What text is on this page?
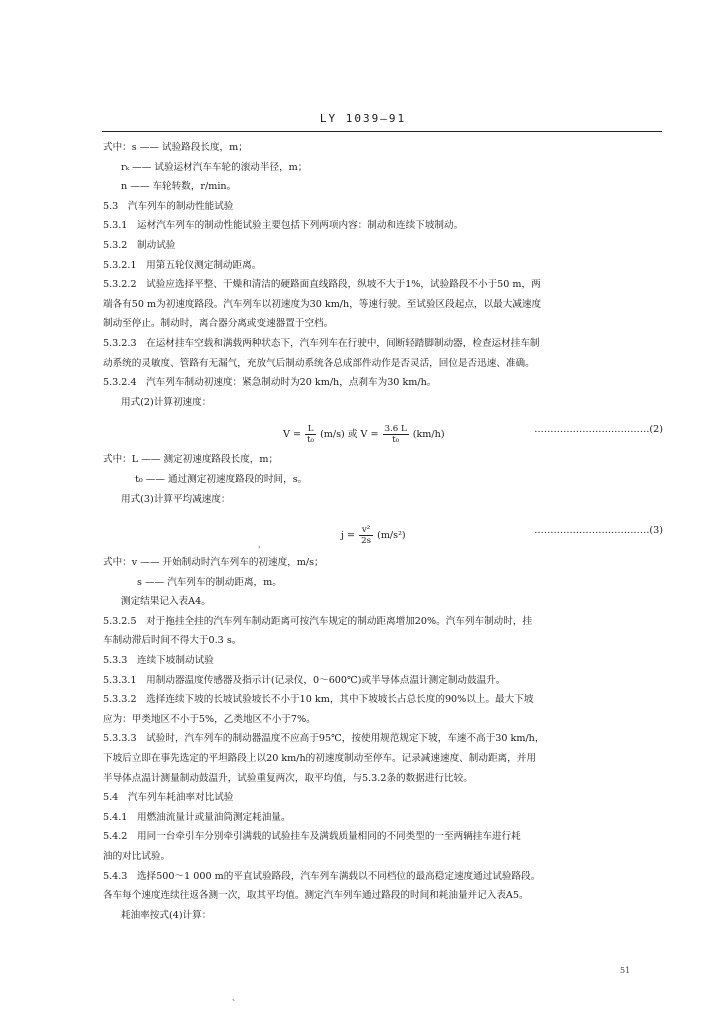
LY 1039—91
式中：s —— 试验路段长度，m；
rₖ —— 试验运材汽车车轮的滚动半径，m；
n —— 车轮转数，r/min。
5.3　汽车列车的制动性能试验
5.3.1　运材汽车列车的制动性能试验主要包括下列两项内容：制动和连续下坡制动。
5.3.2　制动试验
5.3.2.1　用第五轮仪测定制动距离。
5.3.2.2　试验应选择平整、干燥和清洁的硬路面直线路段，纵坡不大于1%，试验路段不小于50 m，两
端各有50 m为初速度路段。汽车列车以初速度为30 km/h，等速行驶。至试验区段起点，以最大减速度
制动至停止。制动时，离合器分离或变速器置于空档。
5.3.2.3　在运材挂车空载和满载两种状态下，汽车列车在行驶中，间断轻踏脚制动器，检查运材挂车制
动系统的灵敏度、管路有无漏气，充放气后制动系统各总成部件动作是否灵活，回位是否迅速、准确。
5.3.2.4　汽车列车制动初速度：紧急制动时为20 km/h，点刹车为30 km/h。
用式(2)计算初速度：
$V = \frac{L}{\text{t₀}} (m/s)$ 或 $V = \frac{3.6 L}{\text{t₀}} (km/h)$	………………………………(2)
式中：L —— 测定初速度路段长度，m；
t₀ —— 通过测定初速度路段的时间，s。
用式(3)计算平均减速度：
$j = \frac{\text{v²}}{2s} (m/s^2)$	………………………………(3)
式中：v —— 开始制动时汽车列车的初速度，m/s；
s —— 汽车列车的制动距离，m。
测定结果记入表A4。
5.3.2.5　对于拖挂全挂的汽车列车制动距离可按汽车规定的制动距离增加20%。汽车列车制动时，挂
车制动滞后时间不得大于0.3 s。
5.3.3　连续下坡制动试验
5.3.3.1　用制动器温度传感器及指示计(记录仪，0～600℃)或半导体点温计测定制动鼓温升。
5.3.3.2　选择连续下坡的长坡试验坡长不小于10 km，其中下坡坡长占总长度的90%以上。最大下坡
应为：甲类地区不小于5%，乙类地区不小于7%。
5.3.3.3　试验时，汽车列车的制动器温度不应高于95℃，按使用规范规定下坡，车速不高于30 km/h，
下坡后立即在事先选定的平坦路段上以20 km/h的初速度制动至停车。记录减速速度、制动距离，并用
半导体点温计测量制动鼓温升，试验重复两次，取平均值，与5.3.2条的数据进行比较。
5.4　汽车列车耗油率对比试验
5.4.1　用燃油流量计或量油筒测定耗油量。
5.4.2　用同一台牵引车分别牵引满载的试验挂车及满载质量相同的不同类型的一至两辆挂车进行耗
油的对比试验。
5.4.3　选择500～1 000 m的平直试验路段，汽车列车满载以不同档位的最高稳定速度通过试验路段。
各车每个速度连续往返各测一次，取其平均值。测定汽车列车通过路段的时间和耗油量并记入表A5。
耗油率按式(4)计算：
，
51
、
